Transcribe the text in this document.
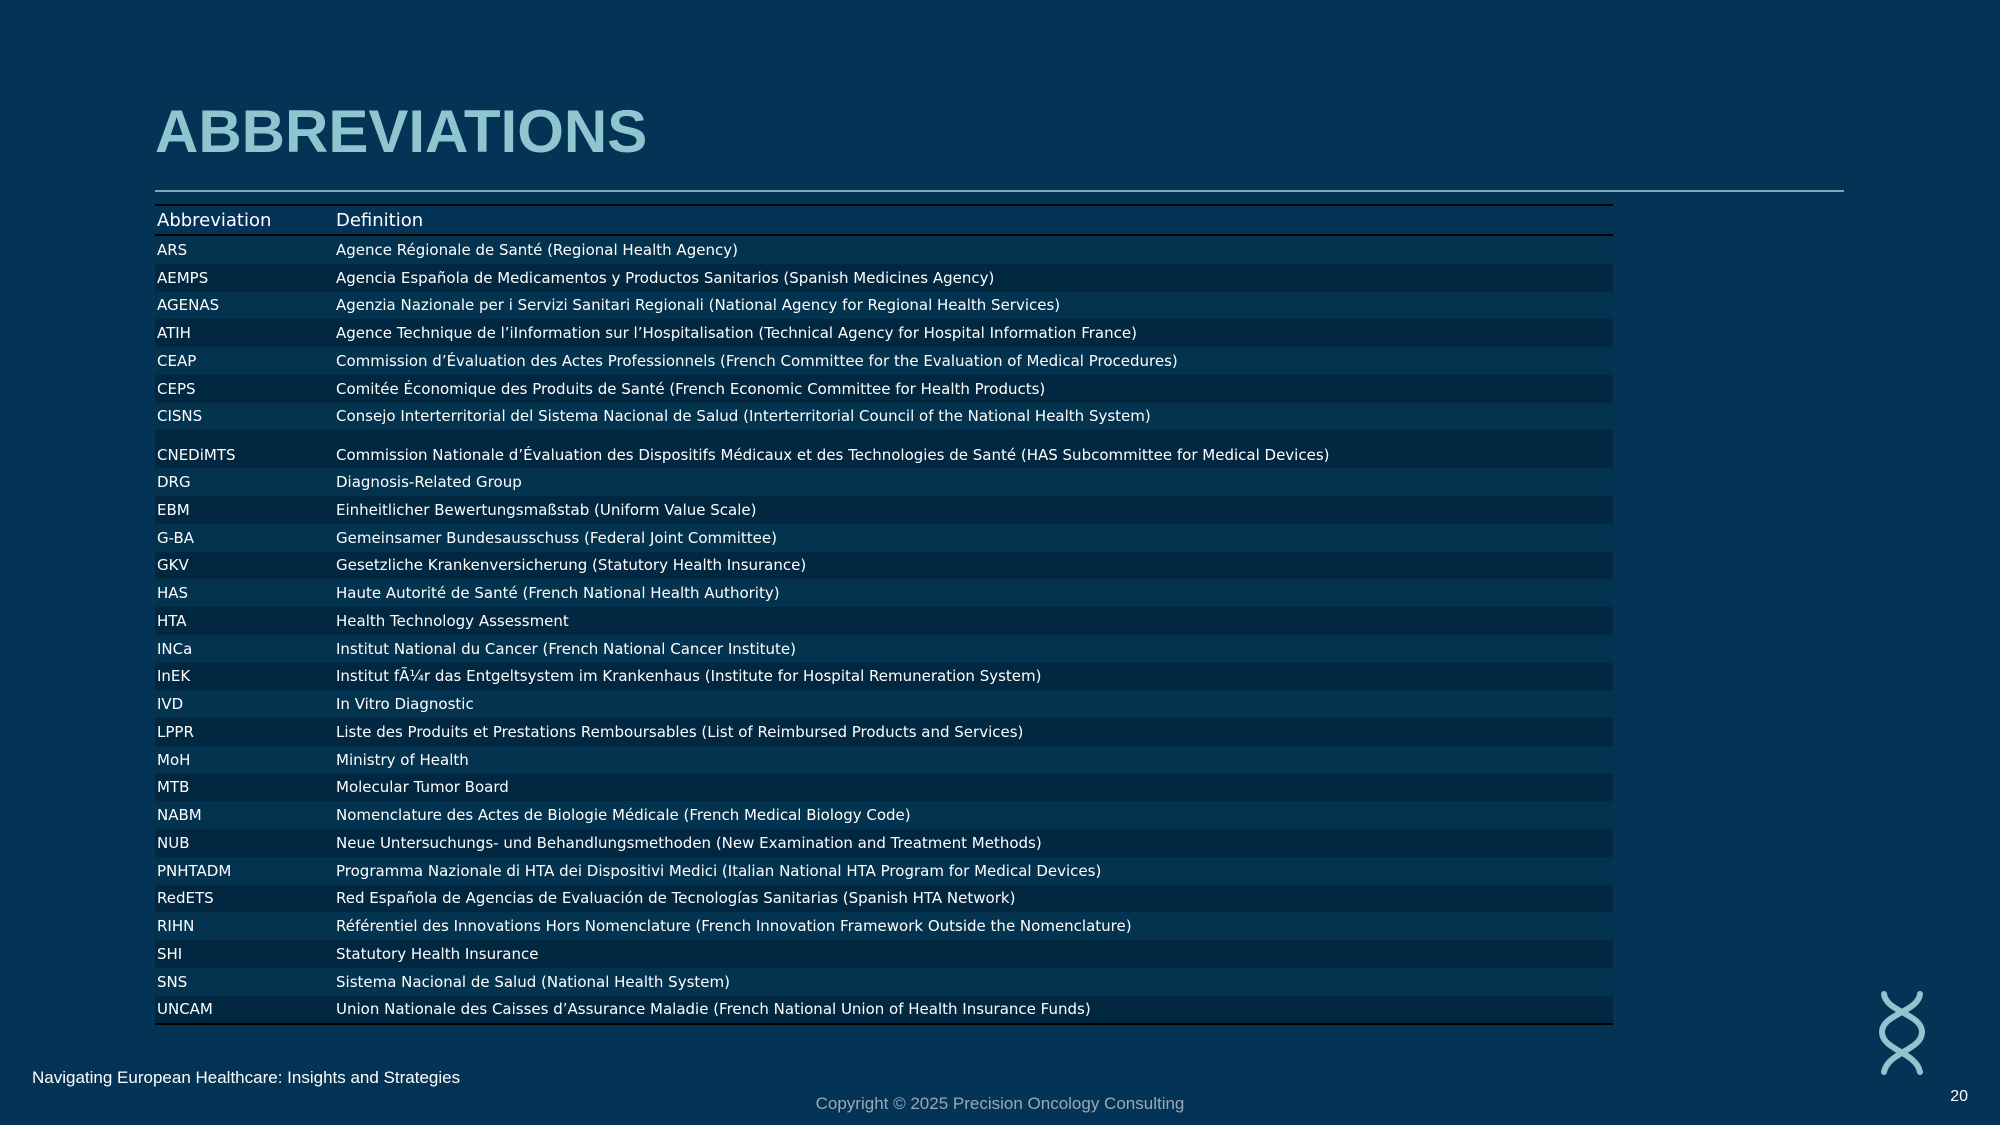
ABBREVIATIONS
Abbreviation	Definition
ARS	Agence Régionale de Santé (Regional Health Agency)
AEMPS	Agencia Española de Medicamentos y Productos Sanitarios (Spanish Medicines Agency)
AGENAS	Agenzia Nazionale per i Servizi Sanitari Regionali (National Agency for Regional Health Services)
ATIH	Agence Technique de l’iInformation sur l’Hospitalisation (Technical Agency for Hospital Information France)
CEAP	Commission d’Évaluation des Actes Professionnels (French Committee for the Evaluation of Medical Procedures)
CEPS	Comitée Économique des Produits de Santé (French Economic Committee for Health Products)
CISNS	Consejo Interterritorial del Sistema Nacional de Salud (Interterritorial Council of the National Health System)
CNEDiMTS	Commission Nationale d’Évaluation des Dispositifs Médicaux et des Technologies de Santé (HAS Subcommittee for Medical Devices)
DRG	Diagnosis-Related Group
EBM	Einheitlicher Bewertungsmaßstab (Uniform Value Scale)
G-BA	Gemeinsamer Bundesausschuss (Federal Joint Committee)
GKV	Gesetzliche Krankenversicherung (Statutory Health Insurance)
HAS	Haute Autorité de Santé (French National Health Authority)
HTA	Health Technology Assessment
INCa	Institut National du Cancer (French National Cancer Institute)
InEK	Institut fÃ¼r das Entgeltsystem im Krankenhaus (Institute for Hospital Remuneration System)
IVD	In Vitro Diagnostic
LPPR	Liste des Produits et Prestations Remboursables (List of Reimbursed Products and Services)
MoH	Ministry of Health
MTB	Molecular Tumor Board
NABM	Nomenclature des Actes de Biologie Médicale (French Medical Biology Code)
NUB	Neue Untersuchungs- und Behandlungsmethoden (New Examination and Treatment Methods)
PNHTADM	Programma Nazionale di HTA dei Dispositivi Medici (Italian National HTA Program for Medical Devices)
RedETS	Red Española de Agencias de Evaluación de Tecnologías Sanitarias (Spanish HTA Network)
RIHN	Référentiel des Innovations Hors Nomenclature (French Innovation Framework Outside the Nomenclature)
SHI	Statutory Health Insurance
SNS	Sistema Nacional de Salud (National Health System)
UNCAM	Union Nationale des Caisses d’Assurance Maladie (French National Union of Health Insurance Funds)
Navigating European Healthcare: Insights and Strategies
Copyright © 2025 Precision Oncology Consulting	20
